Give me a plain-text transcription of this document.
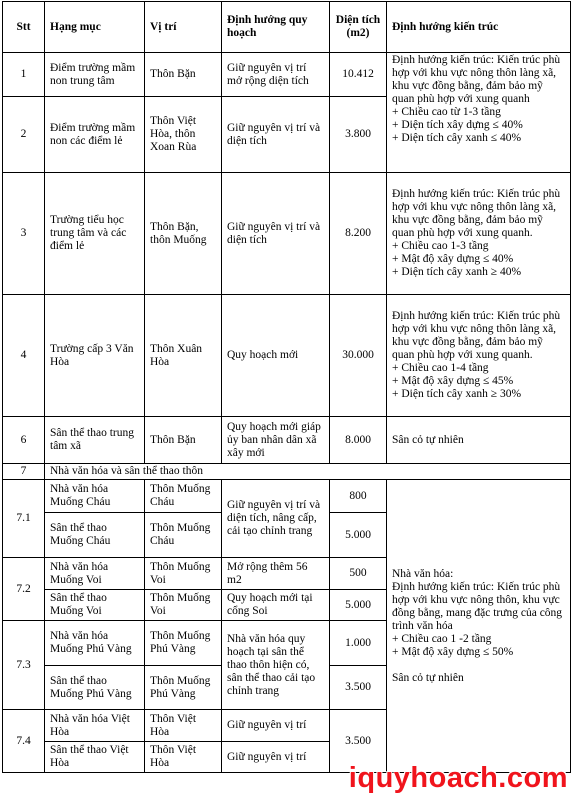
Stt	Hạng mục	Vị trí	Định hướng quy hoạch	Diện tích (m2)	Định hướng kiến trúc
1	Điểm trường mầm non trung tâm	Thôn Bặn	Giữ nguyên vị trí mở rộng diện tích	10.412	Định hướng kiến trúc: Kiến trúc phù hợp với khu vực nông thôn làng xã, khu vực đồng bằng, đảm bảo mỹ quan phù hợp với xung quanh
+ Chiều cao từ 1-3 tầng
+ Diện tích xây dựng ≤ 40%
+ Diện tích cây xanh ≤ 40%
2	Điểm trường mầm non các điểm lẻ	Thôn Việt Hòa, thôn Xoan Rùa	Giữ nguyên vị trí và diện tích	3.800	
3	Trường tiểu học trung tâm và các điểm lẻ	Thôn Bặn, thôn Muống	Giữ nguyên vị trí và diện tích	8.200	Định hướng kiến trúc: Kiến trúc phù hợp với khu vực nông thôn làng xã, khu vực đồng bằng, đảm bảo mỹ quan phù hợp với xung quanh.
+ Chiều cao 1-3 tầng
+ Mật độ xây dựng ≤ 40%
+ Diện tích cây xanh ≥ 40%
4	Trường cấp 3 Văn Hòa	Thôn Xuân Hòa	Quy hoạch mới	30.000	Định hướng kiến trúc: Kiến trúc phù hợp với khu vực nông thôn làng xã, khu vực đồng bằng, đảm bảo mỹ quan phù hợp với xung quanh.
+ Chiều cao 1-4 tầng
+ Mật độ xây dựng ≤ 45%
+ Diện tích cây xanh ≥ 30%
6	Sân thể thao trung tâm xã	Thôn Bặn	Quy hoạch mới giáp ủy ban nhân dân xã xây mới	8.000	Sân cỏ tự nhiên
7	Nhà văn hóa và sân thể thao thôn				
7.1	Nhà văn hóa Muống Cháu	Thôn Muống Cháu	Giữ nguyên vị trí và diện tích, nâng cấp, cải tạo chỉnh trang	800	Nhà văn hóa:
Định hướng kiến trúc: Kiến trúc phù hợp với khu vực nông thôn, khu vực đồng bằng, mang đặc trưng của công trình văn hóa
+ Chiều cao 1 -2 tầng
+ Mật độ xây dựng ≤ 50%

Sân cỏ tự nhiên
	Sân thể thao Muống Cháu	Thôn Muống Cháu		5.000	
7.2	Nhà văn hóa Muống Voi	Thôn Muống Voi	Mở rộng thêm 56 m2	500	
	Sân thể thao Muống Voi	Thôn Muống Voi	Quy hoạch mới tại cổng Soi	5.000	
7.3	Nhà văn hóa Muống Phú Vàng	Thôn Muống Phú Vàng	Nhà văn hóa quy hoạch tại sân thể thao thôn hiện có, sân thể thao cải tạo chỉnh trang	1.000	
	Sân thể thao Muống Phú Vàng	Thôn Muống Phú Vàng		3.500	
7.4	Nhà văn hóa Việt Hòa	Thôn Việt Hòa	Giữ nguyên vị trí	3.500	
	Sân thể thao Việt Hòa	Thôn Việt Hòa	Giữ nguyên vị trí		
iquyhoach.com
